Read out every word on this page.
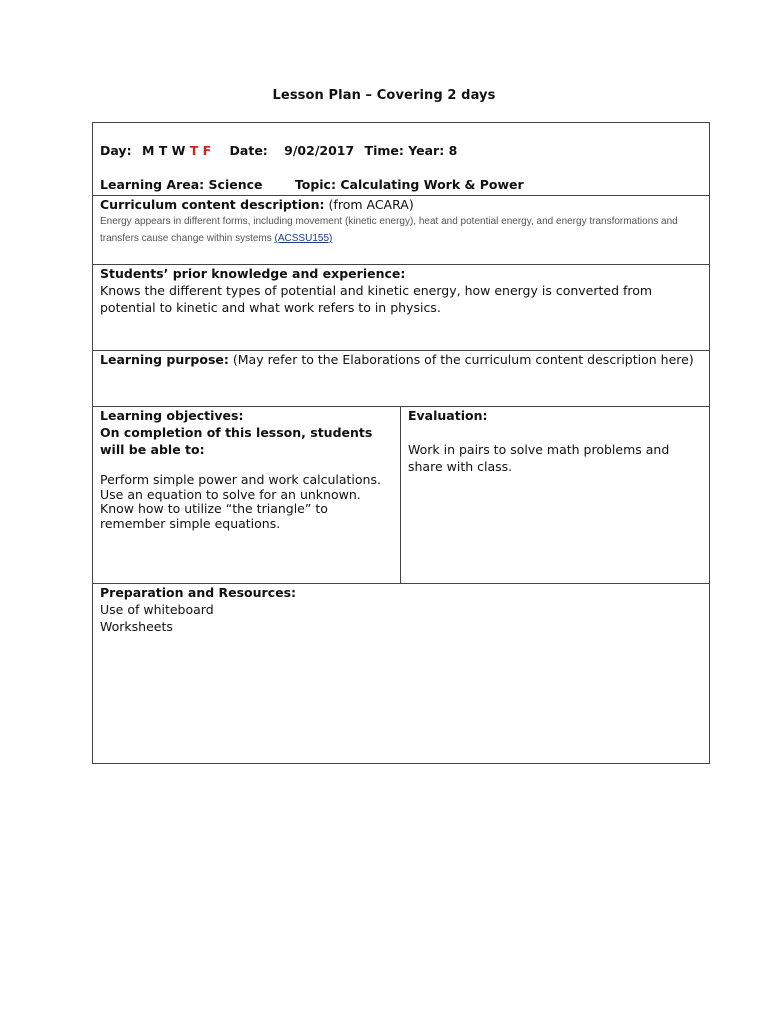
Lesson Plan – Covering 2 days
Day: M T W T F Date: 9/02/2017 Time: Year: 8
Learning Area: Science	Topic: Calculating Work & Power

Curriculum content description: (from ACARA)
Energy appears in different forms, including movement (kinetic energy), heat and potential energy, and energy transformations and transfers cause change within systems (ACSSU155)

Students’ prior knowledge and experience:
Knows the different types of potential and kinetic energy, how energy is converted from potential to kinetic and what work refers to in physics.

Learning purpose: (May refer to the Elaborations of the curriculum content description here)

Learning objectives:
On completion of this lesson, students will be able to:
Perform simple power and work calculations.
Use an equation to solve for an unknown.
Know how to utilize “the triangle” to remember simple equations.

Evaluation:
Work in pairs to solve math problems and share with class.

Preparation and Resources:
Use of whiteboard
Worksheets
